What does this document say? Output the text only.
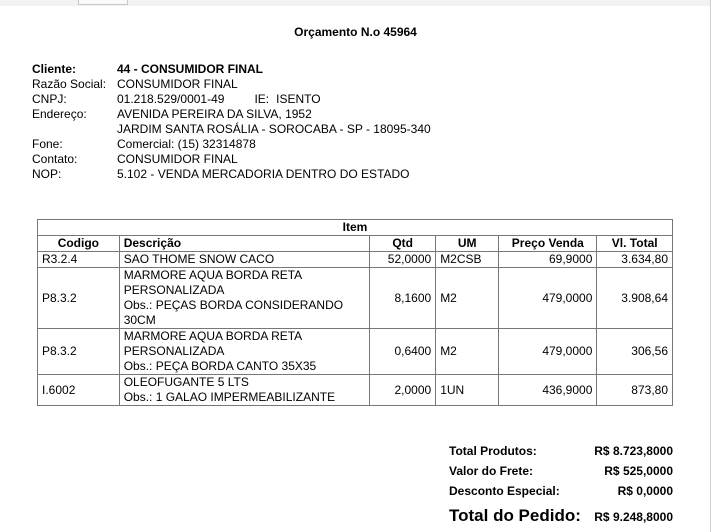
Orçamento N.o 45964
Cliente:	44 - CONSUMIDOR FINAL
Razão Social: CONSUMIDOR FINAL
CNPJ:	01.218.529/0001-49	IE: ISENTO
Endereço:	AVENIDA PEREIRA DA SILVA, 1952
JARDIM SANTA ROSÁLIA - SOROCABA - SP - 18095-340
Fone:	Comercial: (15) 32314878
Contato:	CONSUMIDOR FINAL
NOP:	5.102 - VENDA MERCADORIA DENTRO DO ESTADO
Item					
Codigo	Descrição	Qtd	UM	Preço Venda	Vl. Total
R3.2.4	SAO THOME SNOW CACO	52,0000	M2CSB	69,9000	3.634,80
P8.3.2	MARMORE AQUA BORDA RETA
PERSONALIZADA
Obs.: PEÇAS BORDA CONSIDERANDO
30CM	8,1600	M2	479,0000	3.908,64
P8.3.2	MARMORE AQUA BORDA RETA
PERSONALIZADA
Obs.: PEÇA BORDA CANTO 35X35	0,6400	M2	479,0000	306,56
I.6002	OLEOFUGANTE 5 LTS
Obs.: 1 GALAO IMPERMEABILIZANTE	2,0000	1UN	436,9000	873,80
Total Produtos:	R$ 8.723,8000
Valor do Frete:	R$ 525,0000
Desconto Especial:	R$ 0,0000
Total do Pedido: R$ 9.248,8000
